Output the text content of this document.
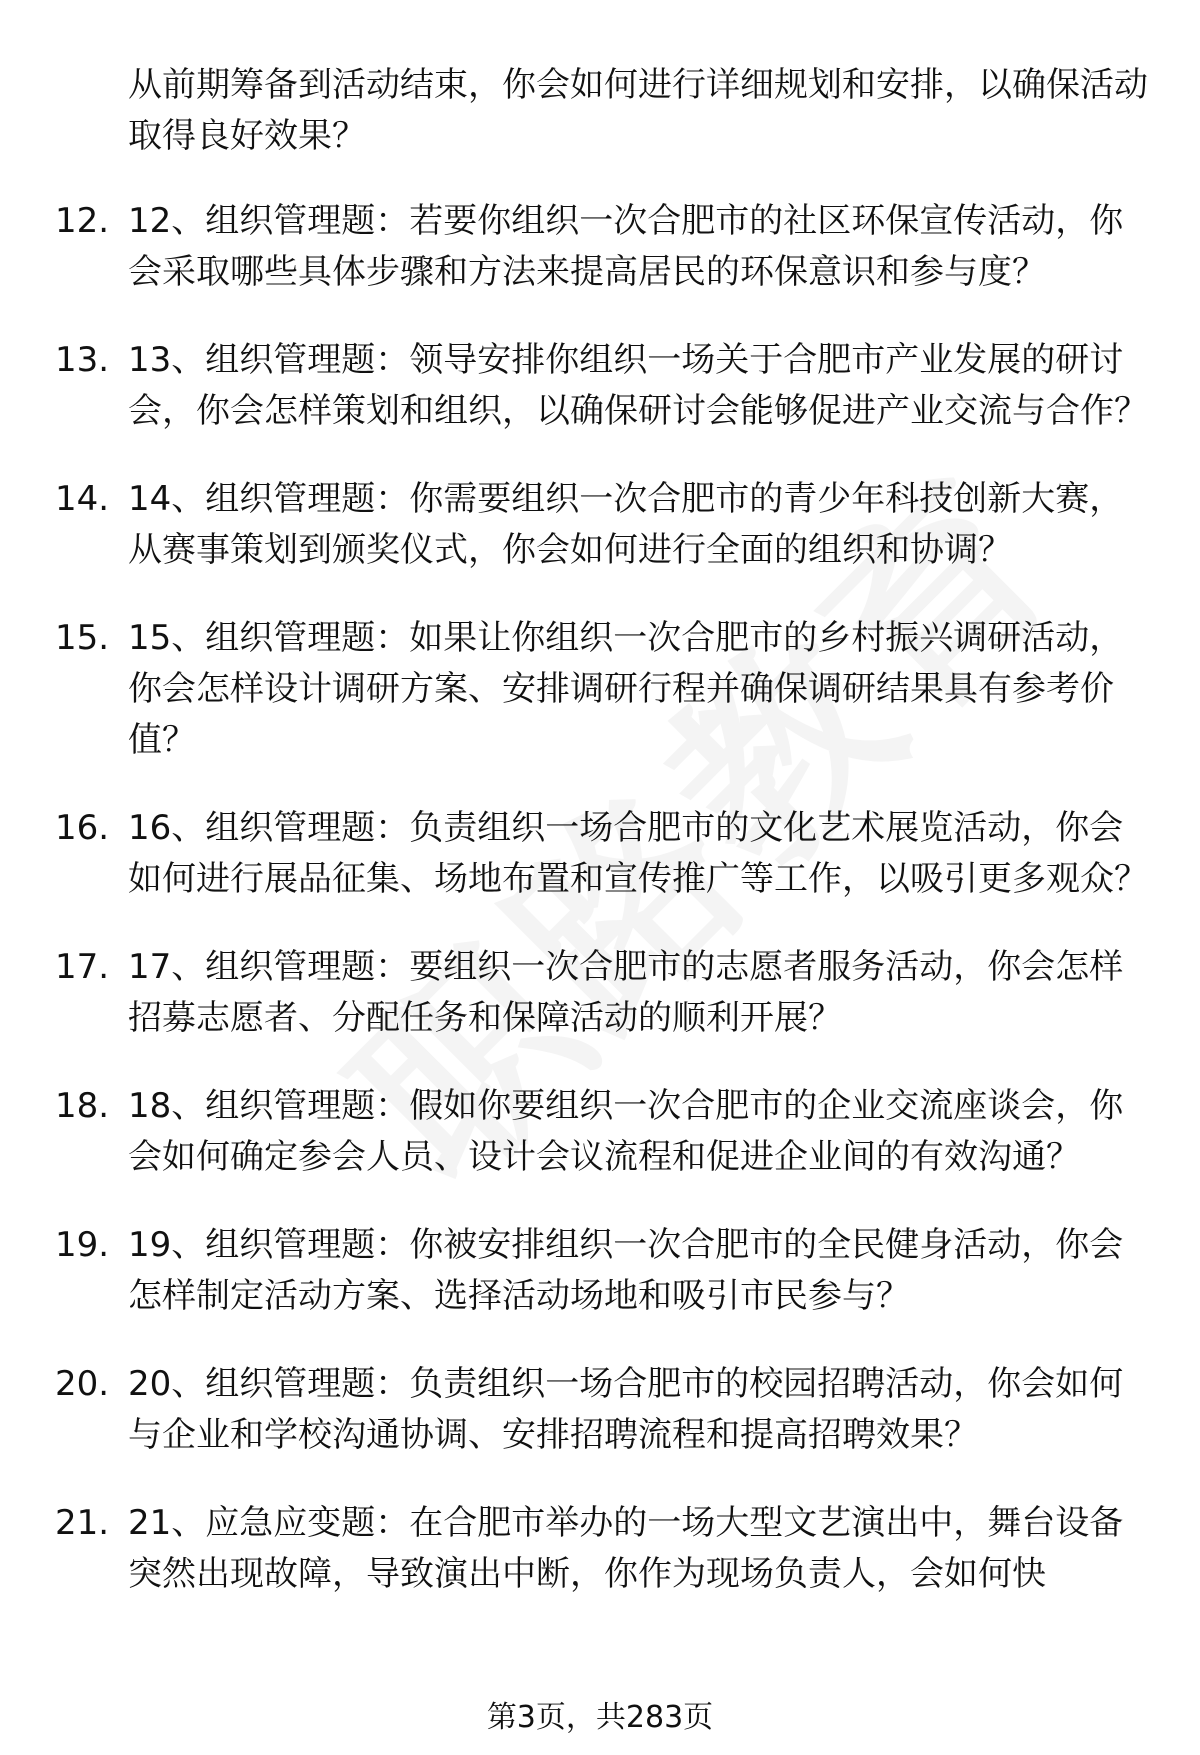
从前期筹备到活动结束，你会如何进行详细规划和安排，以确保活动取得良好效果？

12. 12、组织管理题：若要你组织一次合肥市的社区环保宣传活动，你会采取哪些具体步骤和方法来提高居民的环保意识和参与度？
13. 13、组织管理题：领导安排你组织一场关于合肥市产业发展的研讨会，你会怎样策划和组织，以确保研讨会能够促进产业交流与合作？
14. 14、组织管理题：你需要组织一次合肥市的青少年科技创新大赛，从赛事策划到颁奖仪式，你会如何进行全面的组织和协调？
15. 15、组织管理题：如果让你组织一次合肥市的乡村振兴调研活动，你会怎样设计调研方案、安排调研行程并确保调研结果具有参考价值？
16. 16、组织管理题：负责组织一场合肥市的文化艺术展览活动，你会如何进行展品征集、场地布置和宣传推广等工作，以吸引更多观众？
17. 17、组织管理题：要组织一次合肥市的志愿者服务活动，你会怎样招募志愿者、分配任务和保障活动的顺利开展？
18. 18、组织管理题：假如你要组织一次合肥市的企业交流座谈会，你会如何确定参会人员、设计会议流程和促进企业间的有效沟通？
19. 19、组织管理题：你被安排组织一次合肥市的全民健身活动，你会怎样制定活动方案、选择活动场地和吸引市民参与？
20. 20、组织管理题：负责组织一场合肥市的校园招聘活动，你会如何与企业和学校沟通协调、安排招聘流程和提高招聘效果？
21. 21、应急应变题：在合肥市举办的一场大型文艺演出中，舞台设备突然出现故障，导致演出中断，你作为现场负责人，会如何快
第3页，共283页
